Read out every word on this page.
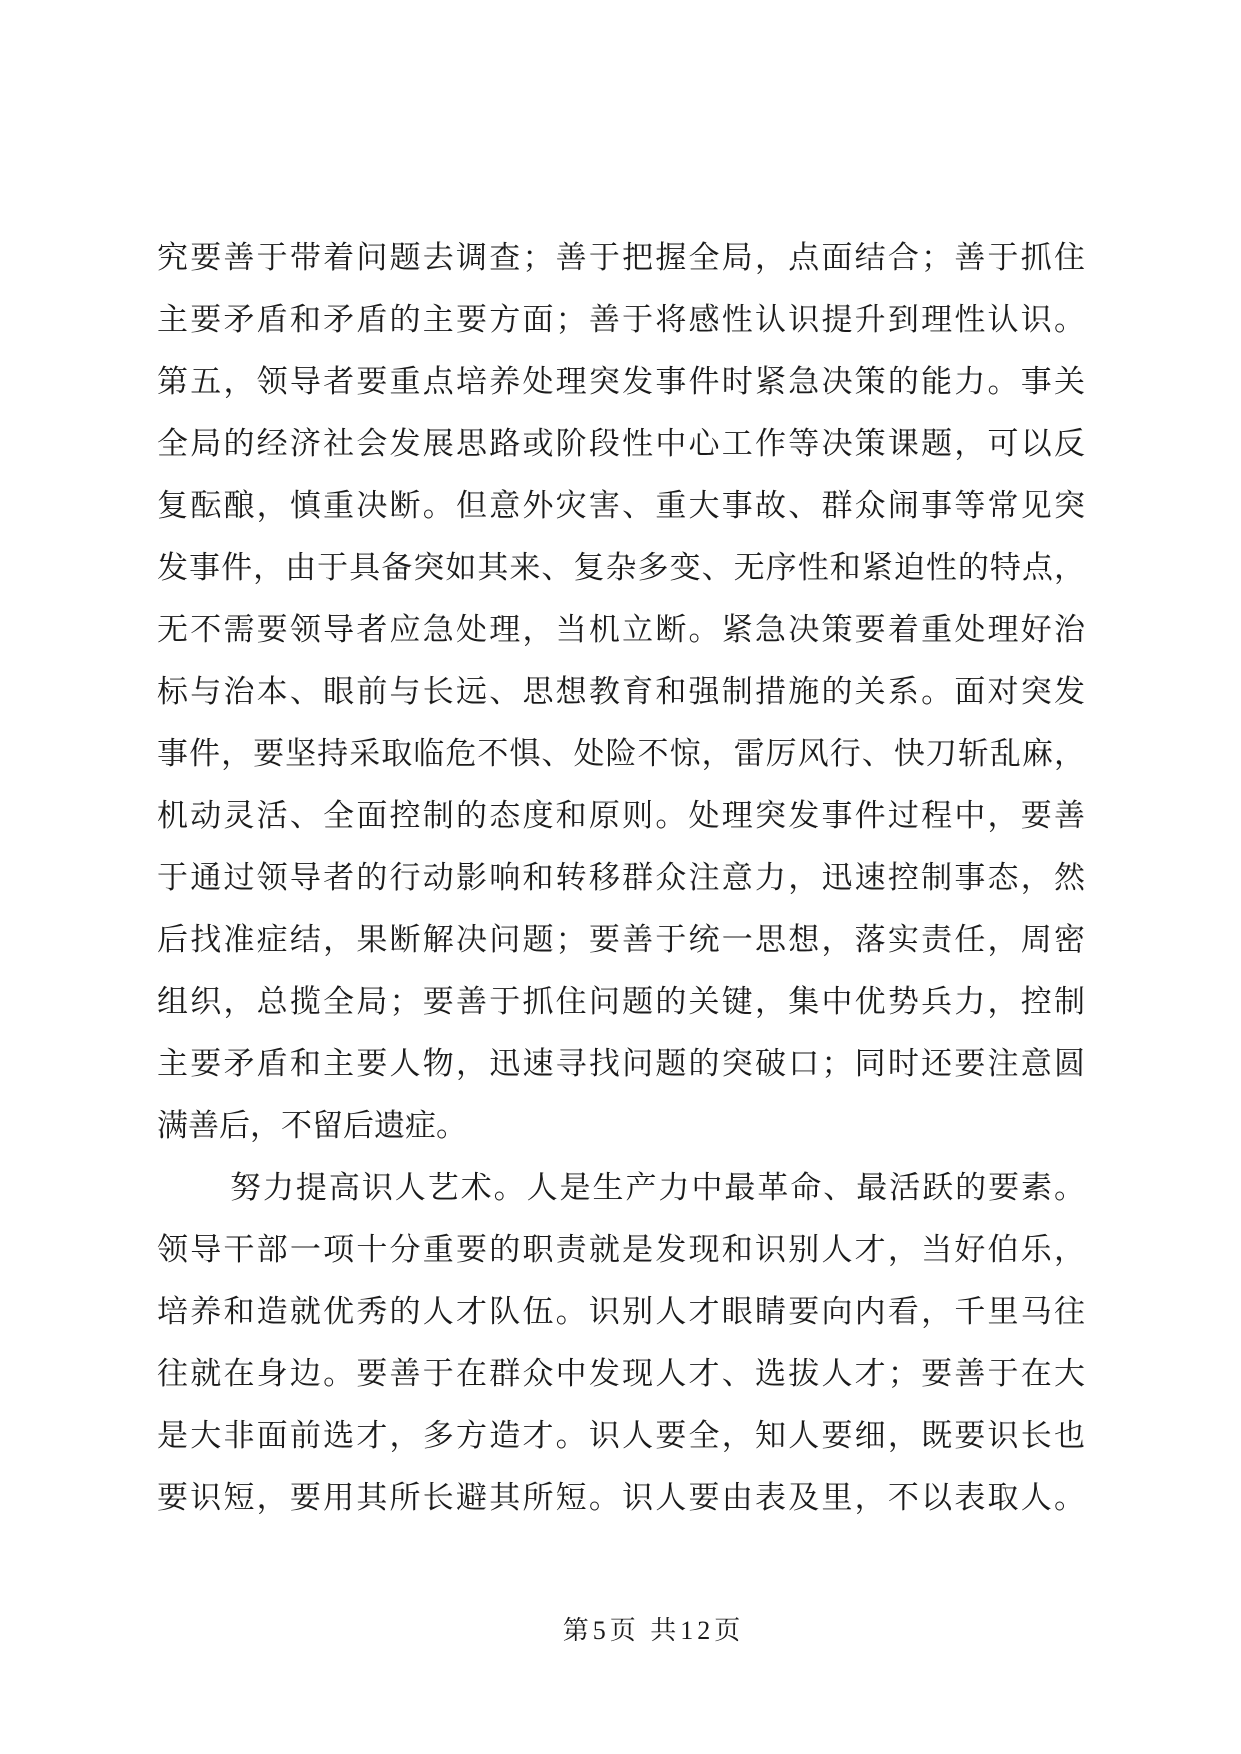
究要善于带着问题去调查；善于把握全局，点面结合；善于抓住
主要矛盾和矛盾的主要方面；善于将感性认识提升到理性认识。
第五，领导者要重点培养处理突发事件时紧急决策的能力。事关
全局的经济社会发展思路或阶段性中心工作等决策课题，可以反
复酝酿，慎重决断。但意外灾害、重大事故、群众闹事等常见突
发事件，由于具备突如其来、复杂多变、无序性和紧迫性的特点，
无不需要领导者应急处理，当机立断。紧急决策要着重处理好治
标与治本、眼前与长远、思想教育和强制措施的关系。面对突发
事件，要坚持采取临危不惧、处险不惊，雷厉风行、快刀斩乱麻，
机动灵活、全面控制的态度和原则。处理突发事件过程中，要善
于通过领导者的行动影响和转移群众注意力，迅速控制事态，然
后找准症结，果断解决问题；要善于统一思想，落实责任，周密
组织，总揽全局；要善于抓住问题的关键，集中优势兵力，控制
主要矛盾和主要人物，迅速寻找问题的突破口；同时还要注意圆
满善后，不留后遗症。
努力提高识人艺术。人是生产力中最革命、最活跃的要素。
领导干部一项十分重要的职责就是发现和识别人才，当好伯乐，
培养和造就优秀的人才队伍。识别人才眼睛要向内看，千里马往
往就在身边。要善于在群众中发现人才、选拔人才；要善于在大
是大非面前选才，多方造才。识人要全，知人要细，既要识长也
要识短，要用其所长避其所短。识人要由表及里，不以表取人。
第5页 共12页
